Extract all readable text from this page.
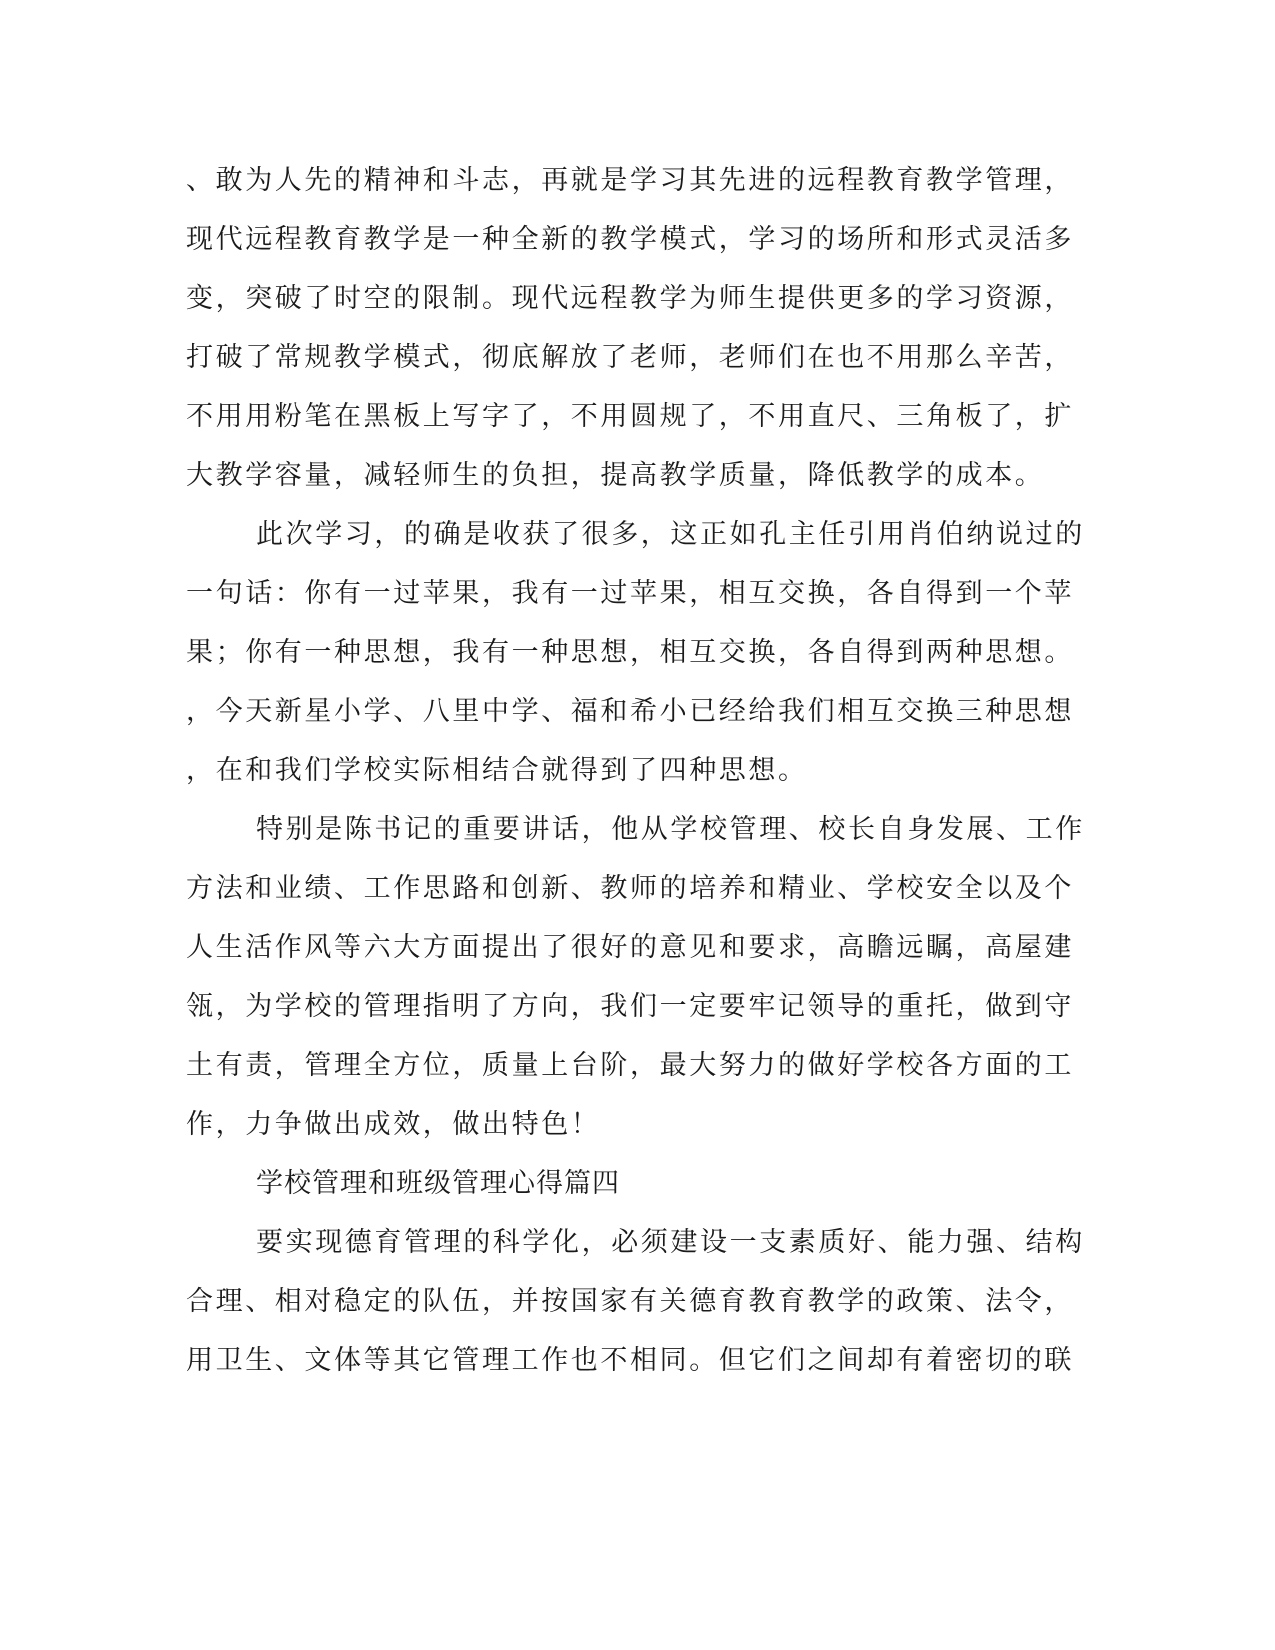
、敢为人先的精神和斗志，再就是学习其先进的远程教育教学管理，
现代远程教育教学是一种全新的教学模式，学习的场所和形式灵活多
变，突破了时空的限制。现代远程教学为师生提供更多的学习资源，
打破了常规教学模式，彻底解放了老师，老师们在也不用那么辛苦，
不用用粉笔在黑板上写字了，不用圆规了，不用直尺、三角板了，扩
大教学容量，减轻师生的负担，提高教学质量，降低教学的成本。
此次学习，的确是收获了很多，这正如孔主任引用肖伯纳说过的
一句话：你有一过苹果，我有一过苹果，相互交换，各自得到一个苹
果；你有一种思想，我有一种思想，相互交换，各自得到两种思想。
，今天新星小学、八里中学、福和希小已经给我们相互交换三种思想
，在和我们学校实际相结合就得到了四种思想。
特别是陈书记的重要讲话，他从学校管理、校长自身发展、工作
方法和业绩、工作思路和创新、教师的培养和精业、学校安全以及个
人生活作风等六大方面提出了很好的意见和要求，高瞻远瞩，高屋建
瓴，为学校的管理指明了方向，我们一定要牢记领导的重托，做到守
土有责，管理全方位，质量上台阶，最大努力的做好学校各方面的工
作，力争做出成效，做出特色！
学校管理和班级管理心得篇四
要实现德育管理的科学化，必须建设一支素质好、能力强、结构
合理、相对稳定的队伍，并按国家有关德育教育教学的政策、法令，
用卫生、文体等其它管理工作也不相同。但它们之间却有着密切的联
